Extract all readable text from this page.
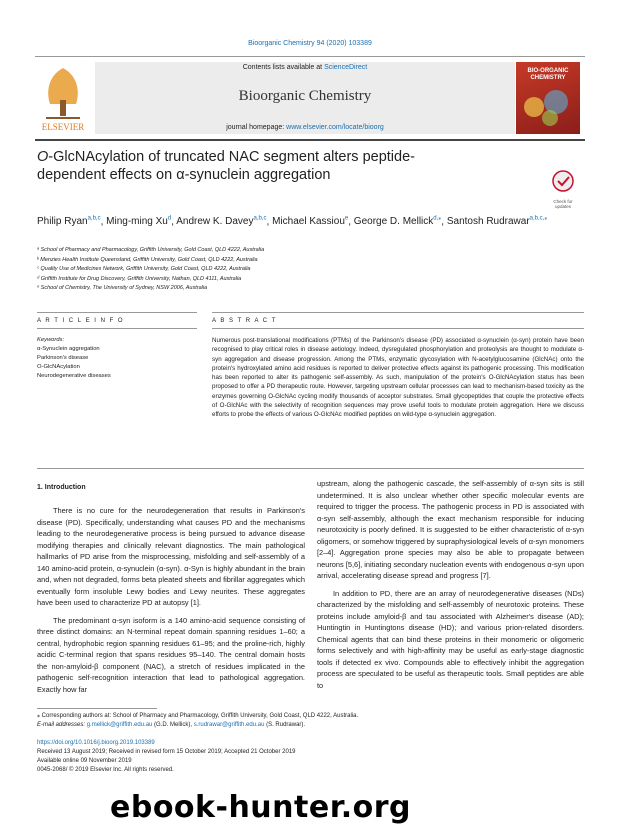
Bioorganic Chemistry 94 (2020) 103389
ELSEVIER
Contents lists available at ScienceDirect
Bioorganic Chemistry
journal homepage: www.elsevier.com/locate/bioorg
BIO-ORGANIC CHEMISTRY
O-GlcNAcylation of truncated NAC segment alters peptide-dependent effects on α-synuclein aggregation
Check for updates
Philip Ryan$^{a,b,c}$, Ming-ming Xu$^d$, Andrew K. Davey$^{a,b,c}$, Michael Kassiou$^e$, George D. Mellick$^{d,⁎}$, Santosh Rudrawar$^{a,b,c,⁎}$
ᵃ School of Pharmacy and Pharmacology, Griffith University, Gold Coast, QLD 4222, Australia
ᵇ Menzies Health Institute Queensland, Griffith University, Gold Coast, QLD 4222, Australia
ᶜ Quality Use of Medicines Network, Griffith University, Gold Coast, QLD 4222, Australia
ᵈ Griffith Institute for Drug Discovery, Griffith University, Nathan, QLD 4111, Australia
ᵉ School of Chemistry, The University of Sydney, NSW 2006, Australia
A R T I C L E I N F O	A B S T R A C T
Keywords:
α-Synuclein aggregation
Parkinson's disease
O-GlcNAcylation
Neurodegenerative diseases
Numerous post-translational modifications (PTMs) of the Parkinson's disease (PD) associated α-synuclein (α-syn) protein have been recognised to play critical roles in disease aetiology. Indeed, dysregulated phosphorylation and proteolysis are thought to modulate α-syn aggregation and disease progression. Among the PTMs, enzymatic glycosylation with N-acetylglucosamine (GlcNAc) onto the protein's hydroxylated amino acid residues is reported to deliver protective effects against its pathogenic processing. This modification has been reported to alter its pathogenic self-assembly. As such, manipulation of the protein's O-GlcNAcylation status has been proposed to offer a PD therapeutic route. However, targeting upstream cellular processes can lead to mechanism-based toxicity as the enzymes governing O-GlcNAc cycling modify thousands of acceptor substrates. Small glycopeptides that couple the protective effects of O-GlcNAc with the selectivity of recognition sequences may prove useful tools to modulate protein aggregation. Here we discuss efforts to probe the effects of various O-GlcNAc modified peptides on wild-type α-synuclein aggregation.
1. Introduction

There is no cure for the neurodegeneration that results in Parkinson's disease (PD). Specifically, understanding what causes PD and the mechanisms leading to the neurodegenerative process is being pursued to advance disease modifying therapies and clinically relevant diagnostics. The main pathological hallmarks of PD arise from the misprocessing, misfolding and self-assembly of a 140 amino-acid protein, α-synuclein (α-syn). α-Syn is highly abundant in the brain and, when not degraded, forms beta pleated sheets and fibrillar aggregates which eventually form insoluble Lewy bodies and Lewy neurites. These aggregates have been used to characterize PD at autopsy [1].

The predominant α-syn isoform is a 140 amino-acid sequence consisting of three distinct domains: an N-terminal repeat domain spanning residues 1–60; a central, hydrophobic region spanning residues 61–95; and the proline-rich, highly acidic C-terminal region that spans residues 95–140. The central domain hosts the non-amyloid-β component (NAC), a stretch of residues implicated in the pathogenic self-recognition interaction that lead to pathological aggregation. Exactly how far

upstream, along the pathogenic cascade, the self-assembly of α-syn sits is still undetermined. It is also unclear whether other specific molecular events are required to trigger the process. The pathogenic process in PD is associated with α-syn self-assembly, although the exact mechanism responsible for inducing neurotoxicity is poorly defined. It is suggested to be either characteristic of α-syn oligomers, or somehow triggered by supraphysiological levels of α-syn monomers [2–4]. Aggregation prone species may also be able to propagate between neurons [5,6], initiating secondary nucleation events with endogenous α-syn upon arrival, accelerating disease spread and progress [7].

In addition to PD, there are an array of neurodegenerative diseases (NDs) characterized by the misfolding and self-assembly of neurotoxic proteins. These proteins include amyloid-β and tau associated with Alzheimer's disease (AD); Huntingtin in Huntingtons disease (HD); and various prion-related disorders. Chemical agents that can bind these proteins in their monomeric or oligomeric forms selectively and with high-affinity may be useful as early-stage diagnostic tools if detected ex vivo. Compounds able to effectively inhibit the aggregation process are speculated to be useful as therapeutic tools. Small peptides are able to

⁎ Corresponding authors at: School of Pharmacy and Pharmacology, Griffith University, Gold Coast, QLD 4222, Australia.
E-mail addresses: g.mellick@griffith.edu.au (G.D. Mellick), s.rudrawar@griffith.edu.au (S. Rudrawar).
https://doi.org/10.1016/j.bioorg.2019.103389
Received 13 August 2019; Received in revised form 15 October 2019; Accepted 21 October 2019
Available online 09 November 2019
0045-2068/ © 2019 Elsevier Inc. All rights reserved.
ebook-hunter.org
